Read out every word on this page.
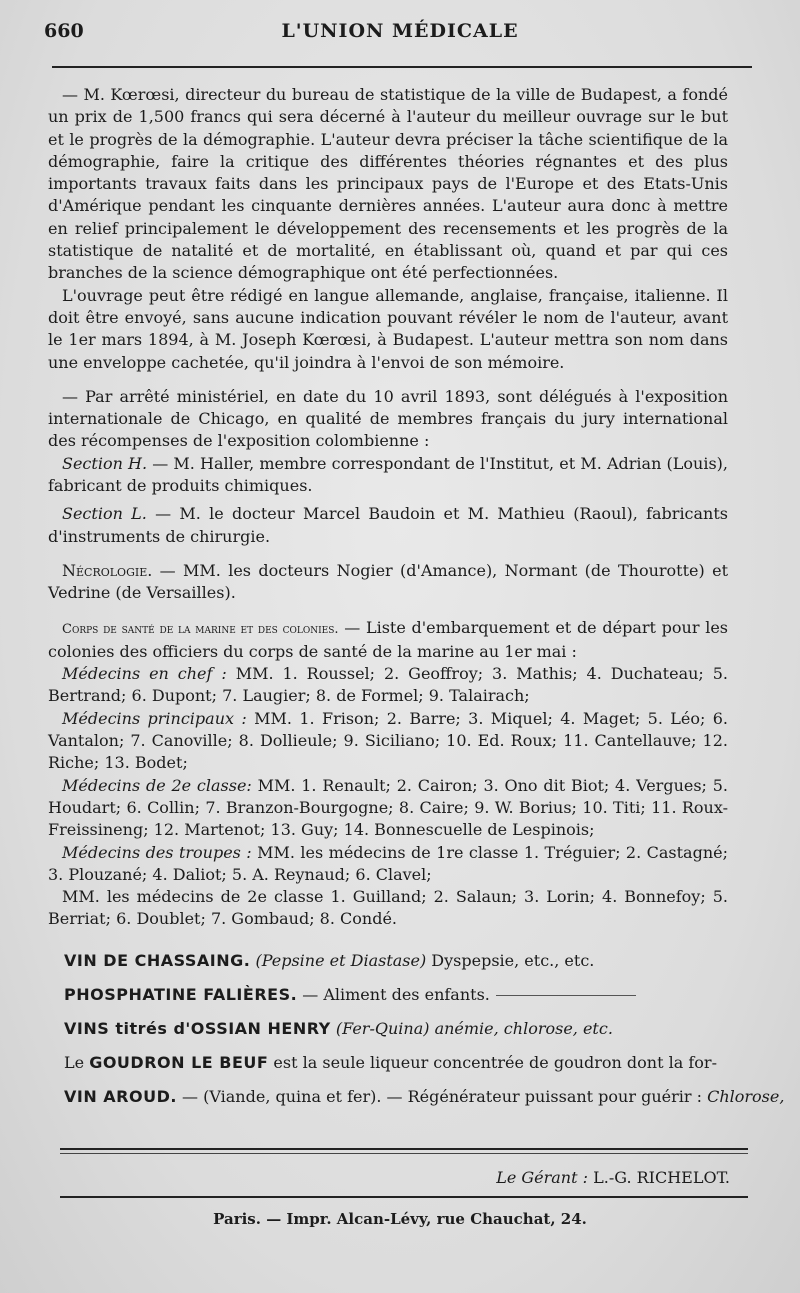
660	L'UNION MÉDICALE

— M. Kœrœsi, directeur du bureau de statistique de la ville de Budapest, a fondé un prix de 1,500 francs qui sera décerné à l'auteur du meilleur ouvrage sur le but et le progrès de la démographie. L'auteur devra préciser la tâche scientifique de la démographie, faire la critique des différentes théories régnantes et des plus importants travaux faits dans les principaux pays de l'Europe et des Etats-Unis d'Amérique pendant les cinquante dernières années. L'auteur aura donc à mettre en relief principalement le développement des recensements et les progrès de la statistique de natalité et de mortalité, en établissant où, quand et par qui ces branches de la science démographique ont été perfectionnées.

L'ouvrage peut être rédigé en langue allemande, anglaise, française, italienne. Il doit être envoyé, sans aucune indication pouvant révéler le nom de l'auteur, avant le 1er mars 1894, à M. Joseph Kœrœsi, à Budapest. L'auteur mettra son nom dans une enveloppe cachetée, qu'il joindra à l'envoi de son mémoire.

— Par arrêté ministériel, en date du 10 avril 1893, sont délégués à l'exposition internationale de Chicago, en qualité de membres français du jury international des récompenses de l'exposition colombienne :

Section H. — M. Haller, membre correspondant de l'Institut, et M. Adrian (Louis), fabricant de produits chimiques.

Section L. — M. le docteur Marcel Baudoin et M. Mathieu (Raoul), fabricants d'instruments de chirurgie.

Nécrologie. — MM. les docteurs Nogier (d'Amance), Normant (de Thourotte) et Vedrine (de Versailles).

Corps de santé de la marine et des colonies. — Liste d'embarquement et de départ pour les colonies des officiers du corps de santé de la marine au 1er mai :

Médecins en chef : MM. 1. Roussel; 2. Geoffroy; 3. Mathis; 4. Duchateau; 5. Bertrand; 6. Dupont; 7. Laugier; 8. de Formel; 9. Talairach;

Médecins principaux : MM. 1. Frison; 2. Barre; 3. Miquel; 4. Maget; 5. Léo; 6. Vantalon; 7. Canoville; 8. Dollieule; 9. Siciliano; 10. Ed. Roux; 11. Cantellauve; 12. Riche; 13. Bodet;

Médecins de 2e classe: MM. 1. Renault; 2. Cairon; 3. Ono dit Biot; 4. Vergues; 5. Houdart; 6. Collin; 7. Branzon-Bourgogne; 8. Caire; 9. W. Borius; 10. Titi; 11. Roux-Freissineng; 12. Martenot; 13. Guy; 14. Bonnescuelle de Lespinois;

Médecins des troupes : MM. les médecins de 1re classe 1. Tréguier; 2. Castagné; 3. Plouzané; 4. Daliot; 5. A. Reynaud; 6. Clavel;

MM. les médecins de 2e classe 1. Guilland; 2. Salaun; 3. Lorin; 4. Bonnefoy; 5. Berriat; 6. Doublet; 7. Gombaud; 8. Condé.

VIN DE CHASSAING. (Pepsine et Diastase) Dyspepsie, etc., etc.

PHOSPHATINE FALIÈRES. — Aliment des enfants.

VINS titrés d'OSSIAN HENRY (Fer-Quina) anémie, chlorose, etc.

Le GOUDRON LE BEUF est la seule liqueur concentrée de goudron dont la for-

VIN AROUD. — (Viande, quina et fer). — Régénérateur puissant pour guérir : Chlorose,

Le Gérant : L.-G. RICHELOT.
Paris. — Impr. Alcan-Lévy, rue Chauchat, 24.
